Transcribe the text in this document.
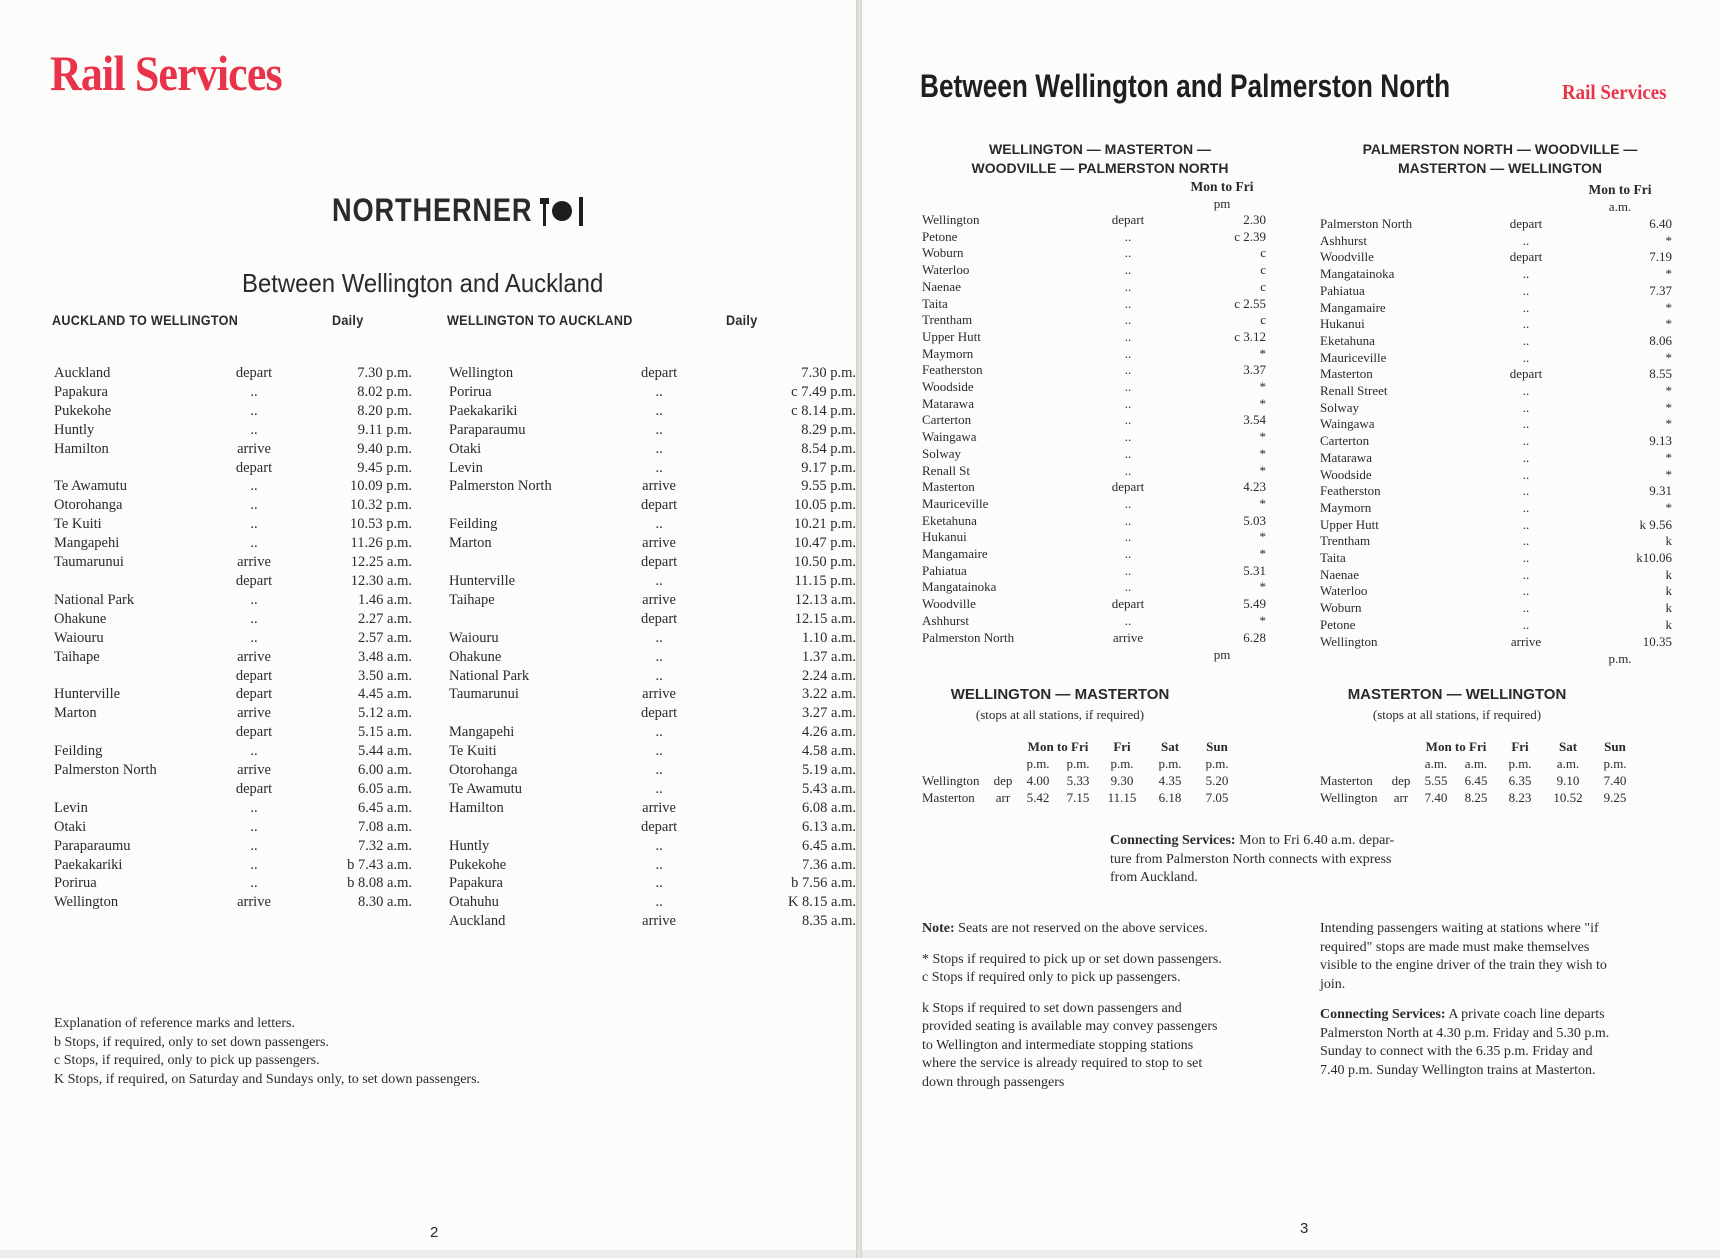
Rail Services
NORTHERNER
Between Wellington and Auckland
AUCKLAND TO WELLINGTON	Daily	WELLINGTON TO AUCKLAND	Daily
Auckland	depart	7.30 p.m.
Papakura	..	8.02 p.m.
Pukekohe	..	8.20 p.m.
Huntly	..	9.11 p.m.
Hamilton	arrive	9.40 p.m.
	depart	9.45 p.m.
Te Awamutu	..	10.09 p.m.
Otorohanga	..	10.32 p.m.
Te Kuiti	..	10.53 p.m.
Mangapehi	..	11.26 p.m.
Taumarunui	arrive	12.25 a.m.
	depart	12.30 a.m.
National Park	..	1.46 a.m.
Ohakune	..	2.27 a.m.
Waiouru	..	2.57 a.m.
Taihape	arrive	3.48 a.m.
	depart	3.50 a.m.
Hunterville	depart	4.45 a.m.
Marton	arrive	5.12 a.m.
	depart	5.15 a.m.
Feilding	..	5.44 a.m.
Palmerston North	arrive	6.00 a.m.
	depart	6.05 a.m.
Levin	..	6.45 a.m.
Otaki	..	7.08 a.m.
Paraparaumu	..	7.32 a.m.
Paekakariki	..	b 7.43 a.m.
Porirua	..	b 8.08 a.m.
Wellington	arrive	8.30 a.m.
Wellington	depart	7.30 p.m.
Porirua	..	c 7.49 p.m.
Paekakariki	..	c 8.14 p.m.
Paraparaumu	..	8.29 p.m.
Otaki	..	8.54 p.m.
Levin	..	9.17 p.m.
Palmerston North	arrive	9.55 p.m.
	depart	10.05 p.m.
Feilding	..	10.21 p.m.
Marton	arrive	10.47 p.m.
	depart	10.50 p.m.
Hunterville	..	11.15 p.m.
Taihape	arrive	12.13 a.m.
	depart	12.15 a.m.
Waiouru	..	1.10 a.m.
Ohakune	..	1.37 a.m.
National Park	..	2.24 a.m.
Taumarunui	arrive	3.22 a.m.
	depart	3.27 a.m.
Mangapehi	..	4.26 a.m.
Te Kuiti	..	4.58 a.m.
Otorohanga	..	5.19 a.m.
Te Awamutu	..	5.43 a.m.
Hamilton	arrive	6.08 a.m.
	depart	6.13 a.m.
Huntly	..	6.45 a.m.
Pukekohe	..	7.36 a.m.
Papakura	..	b 7.56 a.m.
Otahuhu	..	K 8.15 a.m.
Auckland	arrive	8.35 a.m.
Explanation of reference marks and letters.
b Stops, if required, only to set down passengers.
c Stops, if required, only to pick up passengers.
K Stops, if required, on Saturday and Sundays only, to set down passengers.
2
Between Wellington and Palmerston North	Rail Services
WELLINGTON — MASTERTON —
WOODVILLE — PALMERSTON NORTH
Mon to Fri
pm
Wellington	depart	2.30
Petone	..	c 2.39
Woburn	..	c
Waterloo	..	c
Naenae	..	c
Taita	..	c 2.55
Trentham	..	c
Upper Hutt	..	c 3.12
Maymorn	..	*
Featherston	..	3.37
Woodside	..	*
Matarawa	..	*
Carterton	..	3.54
Waingawa	..	*
Solway	..	*
Renall St	..	*
Masterton	depart	4.23
Mauriceville	..	*
Eketahuna	..	5.03
Hukanui	..	*
Mangamaire	..	*
Pahiatua	..	5.31
Mangatainoka	..	*
Woodville	depart	5.49
Ashhurst	..	*
Palmerston North	arrive	6.28
pm
PALMERSTON NORTH — WOODVILLE —
MASTERTON — WELLINGTON
Mon to Fri
a.m.
Palmerston North	depart	6.40
Ashhurst	..	*
Woodville	depart	7.19
Mangatainoka	..	*
Pahiatua	..	7.37
Mangamaire	..	*
Hukanui	..	*
Eketahuna	..	8.06
Mauriceville	..	*
Masterton	depart	8.55
Renall Street	..	*
Solway	..	*
Waingawa	..	*
Carterton	..	9.13
Matarawa	..	*
Woodside	..	*
Featherston	..	9.31
Maymorn	..	*
Upper Hutt	..	k 9.56
Trentham	..	k
Taita	..	k10.06
Naenae	..	k
Waterloo	..	k
Woburn	..	k
Petone	..	k
Wellington	arrive	10.35
p.m.
WELLINGTON — MASTERTON
(stops at all stations, if required)
		Mon to Fri		Fri	Sat	Sun
		p.m.	p.m.	p.m.	p.m.	p.m.
Wellington	dep	4.00	5.33	9.30	4.35	5.20
Masterton	arr	5.42	7.15	11.15	6.18	7.05
MASTERTON — WELLINGTON
(stops at all stations, if required)
		Mon to Fri		Fri	Sat	Sun
		a.m.	a.m.	p.m.	a.m.	p.m.
Masterton	dep	5.55	6.45	6.35	9.10	7.40
Wellington	arr	7.40	8.25	8.23	10.52	9.25
Connecting Services: Mon to Fri 6.40 a.m. depar-
ture from Palmerston North connects with express
from Auckland.
Note: Seats are not reserved on the above services.
* Stops if required to pick up or set down passengers.
c Stops if required only to pick up passengers.
k Stops if required to set down passengers and
provided seating is available may convey passengers
to Wellington and intermediate stopping stations
where the service is already required to stop to set
down through passengers
Intending passengers waiting at stations where "if
required" stops are made must make themselves
visible to the engine driver of the train they wish to
join.
Connecting Services: A private coach line departs
Palmerston North at 4.30 p.m. Friday and 5.30 p.m.
Sunday to connect with the 6.35 p.m. Friday and
7.40 p.m. Sunday Wellington trains at Masterton.
3
